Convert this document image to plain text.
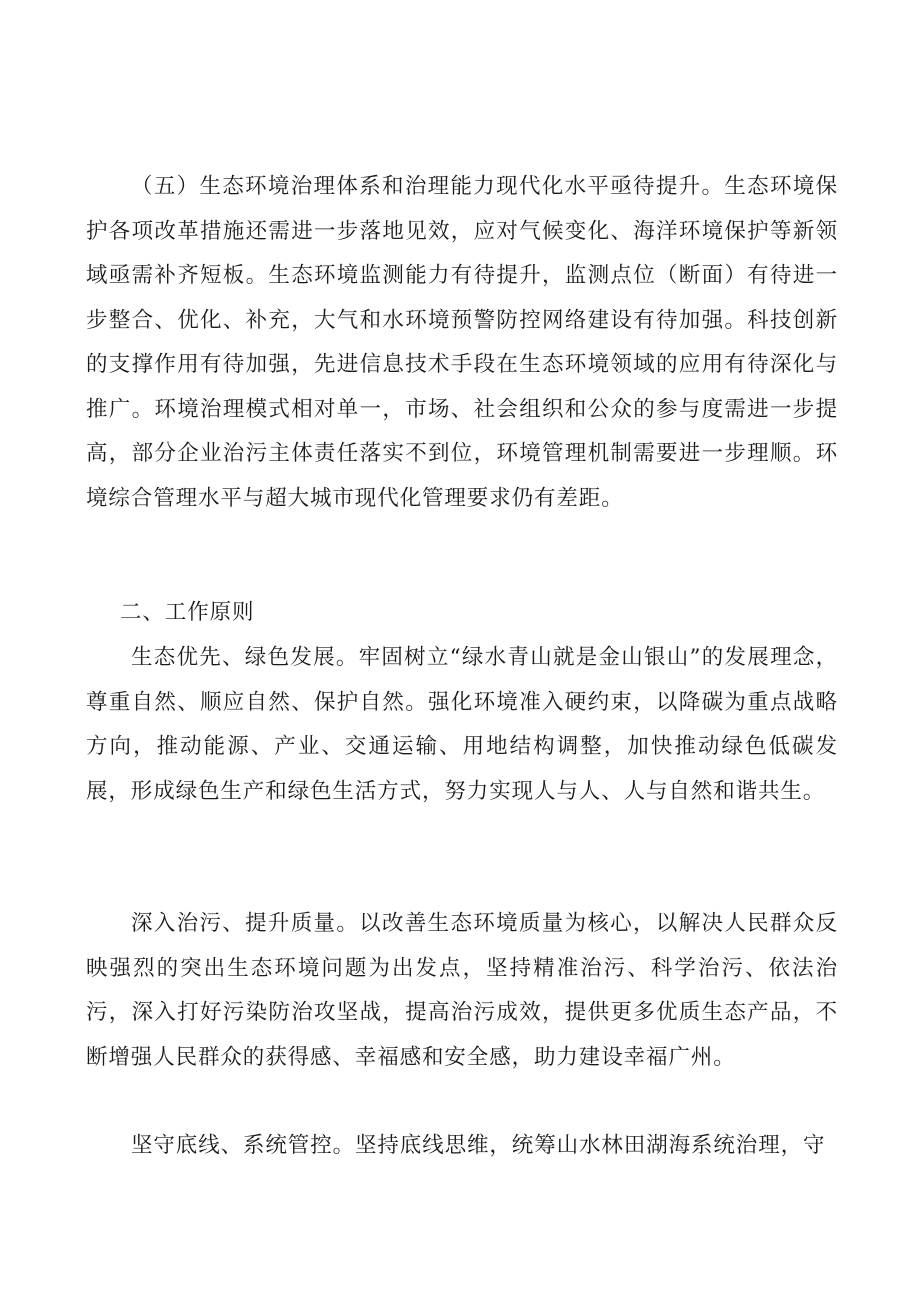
（五）生态环境治理体系和治理能力现代化水平亟待提升。生态环境保护各项改革措施还需进一步落地见效，应对气候变化、海洋环境保护等新领域亟需补齐短板。生态环境监测能力有待提升，监测点位（断面）有待进一步整合、优化、补充，大气和水环境预警防控网络建设有待加强。科技创新的支撑作用有待加强，先进信息技术手段在生态环境领域的应用有待深化与推广。环境治理模式相对单一，市场、社会组织和公众的参与度需进一步提高，部分企业治污主体责任落实不到位，环境管理机制需要进一步理顺。环境综合管理水平与超大城市现代化管理要求仍有差距。

二、工作原则

生态优先、绿色发展。牢固树立“绿水青山就是金山银山”的发展理念，尊重自然、顺应自然、保护自然。强化环境准入硬约束，以降碳为重点战略方向，推动能源、产业、交通运输、用地结构调整，加快推动绿色低碳发展，形成绿色生产和绿色生活方式，努力实现人与人、人与自然和谐共生。

深入治污、提升质量。以改善生态环境质量为核心，以解决人民群众反映强烈的突出生态环境问题为出发点，坚持精准治污、科学治污、依法治污，深入打好污染防治攻坚战，提高治污成效，提供更多优质生态产品，不断增强人民群众的获得感、幸福感和安全感，助力建设幸福广州。

坚守底线、系统管控。坚持底线思维，统筹山水林田湖海系统治理，守
